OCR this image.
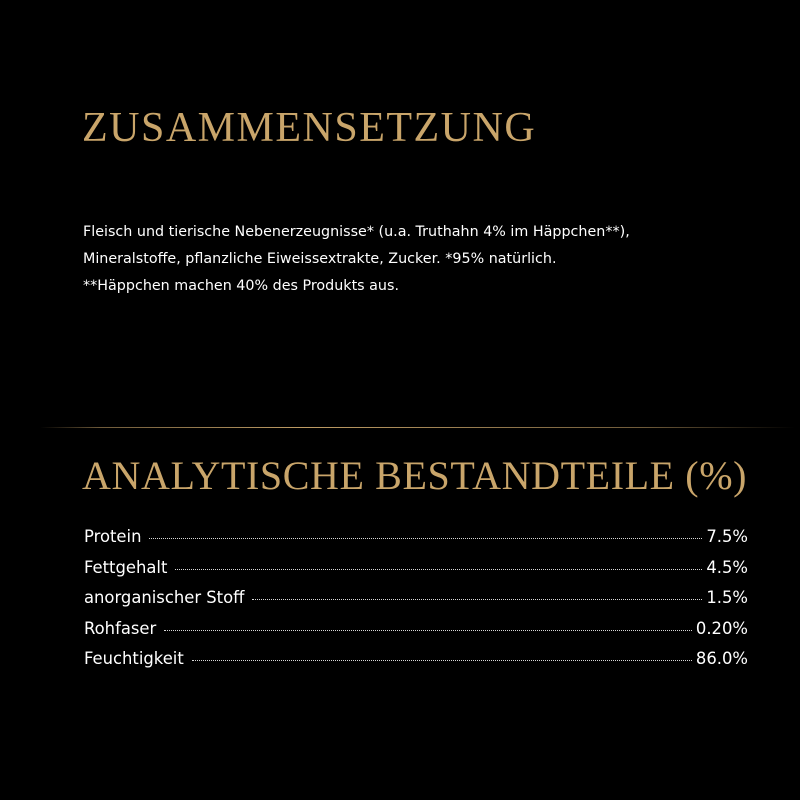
ZUSAMMENSETZUNG

Fleisch und tierische Nebenerzeugnisse* (u.a. Truthahn 4% im Häppchen**),
Mineralstoffe, pflanzliche Eiweissextrakte, Zucker. *95% natürlich.
**Häppchen machen 40% des Produkts aus.

ANALYTISCHE BESTANDTEILE (%)
Protein	7.5%
Fettgehalt	4.5%
anorganischer Stoff	1.5%
Rohfaser	0.20%
Feuchtigkeit	86.0%
